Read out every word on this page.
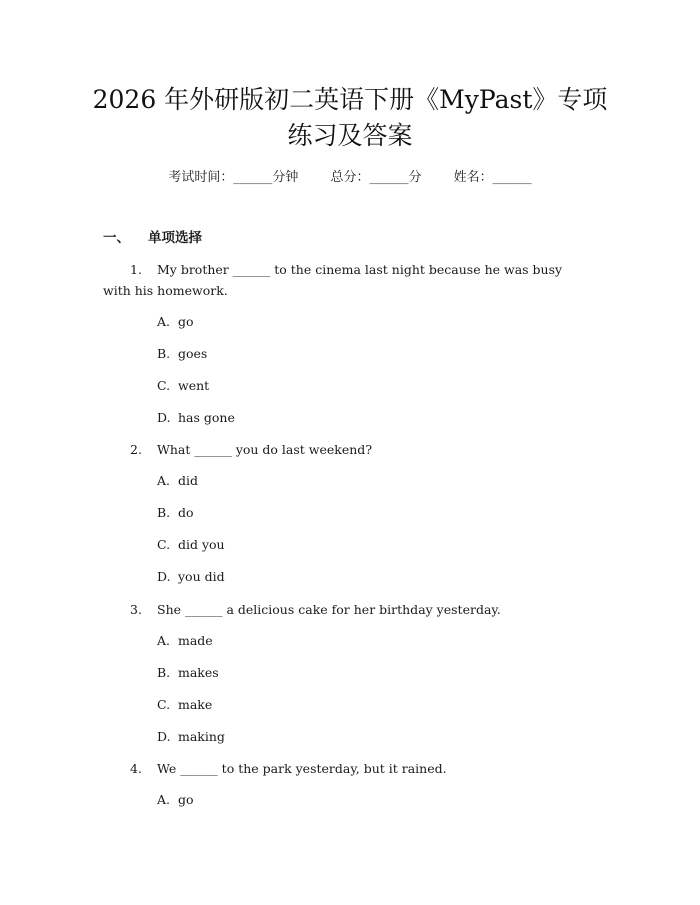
2026 年外研版初二英语下册《MyPast》专项
练习及答案
考试时间：______分钟 总分：______分 姓名：______
一、 单项选择
1. My brother ______ to the cinema last night because he was busy
with his homework.
A. go
B. goes
C. went
D. has gone
2. What ______ you do last weekend?
A. did
B. do
C. did you
D. you did
3. She ______ a delicious cake for her birthday yesterday.
A. made
B. makes
C. make
D. making
4. We ______ to the park yesterday, but it rained.
A. go
